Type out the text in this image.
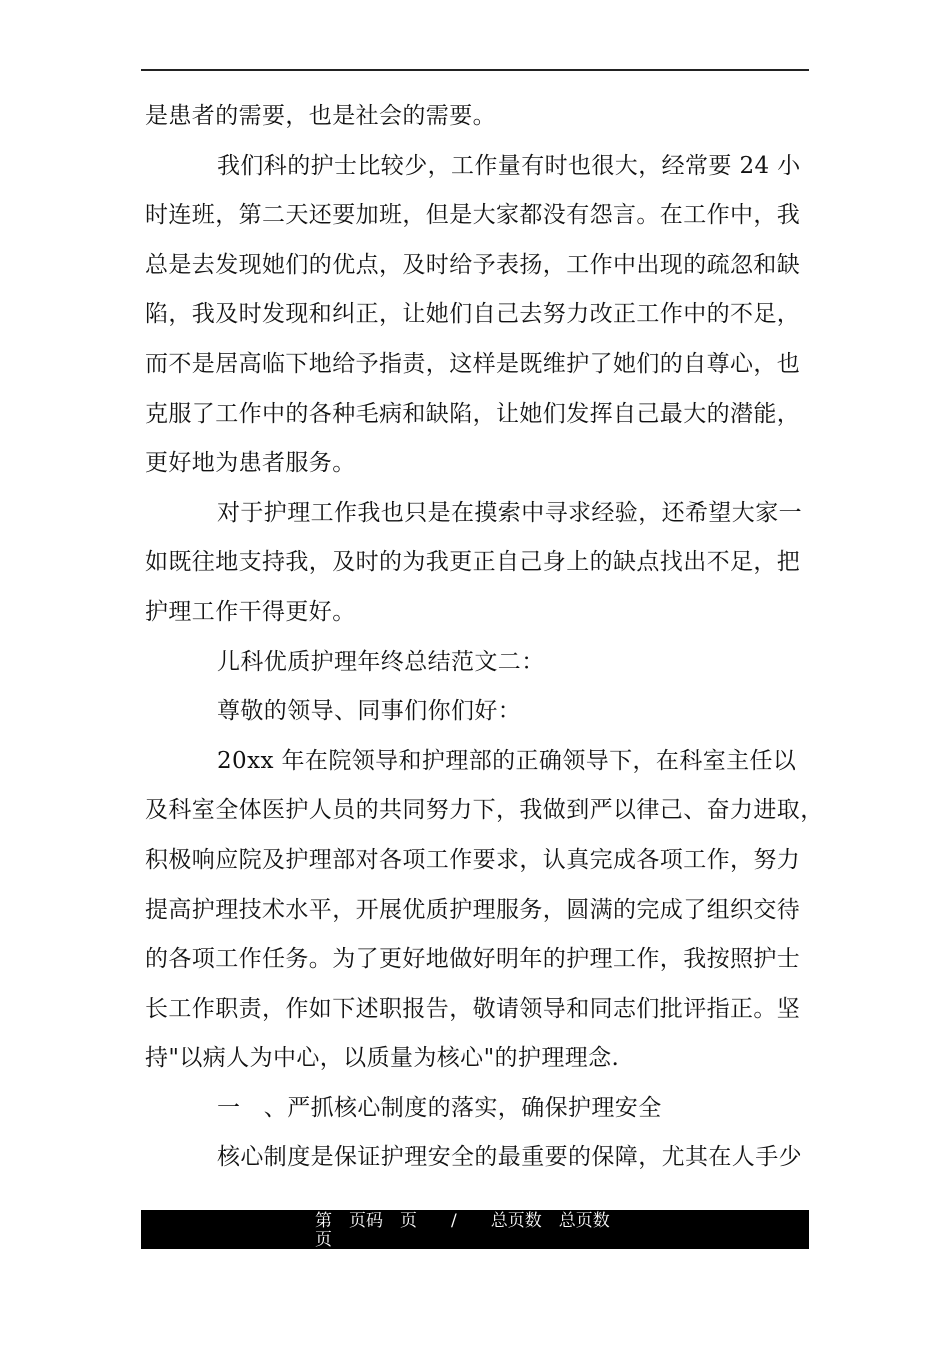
是患者的需要，也是社会的需要。
我们科的护士比较少，工作量有时也很大，经常要 24 小
时连班，第二天还要加班，但是大家都没有怨言。在工作中，我
总是去发现她们的优点，及时给予表扬，工作中出现的疏忽和缺
陷，我及时发现和纠正，让她们自己去努力改正工作中的不足，
而不是居高临下地给予指责，这样是既维护了她们的自尊心，也
克服了工作中的各种毛病和缺陷，让她们发挥自己最大的潜能，
更好地为患者服务。
对于护理工作我也只是在摸索中寻求经验，还希望大家一
如既往地支持我，及时的为我更正自己身上的缺点找出不足，把
护理工作干得更好。
儿科优质护理年终总结范文二：
尊敬的领导、同事们你们好：
20xx 年在院领导和护理部的正确领导下，在科室主任以
及科室全体医护人员的共同努力下，我做到严以律己、奋力进取，
积极响应院及护理部对各项工作要求，认真完成各项工作，努力
提高护理技术水平，开展优质护理服务，圆满的完成了组织交待
的各项工作任务。为了更好地做好明年的护理工作，我按照护士
长工作职责，作如下述职报告，敬请领导和同志们批评指正。坚
持"以病人为中心，以质量为核心"的护理理念.
一　、严抓核心制度的落实，确保护理安全
核心制度是保证护理安全的最重要的保障，尤其在人手少
第　页码　页　　/　　总页数　总页数
页
